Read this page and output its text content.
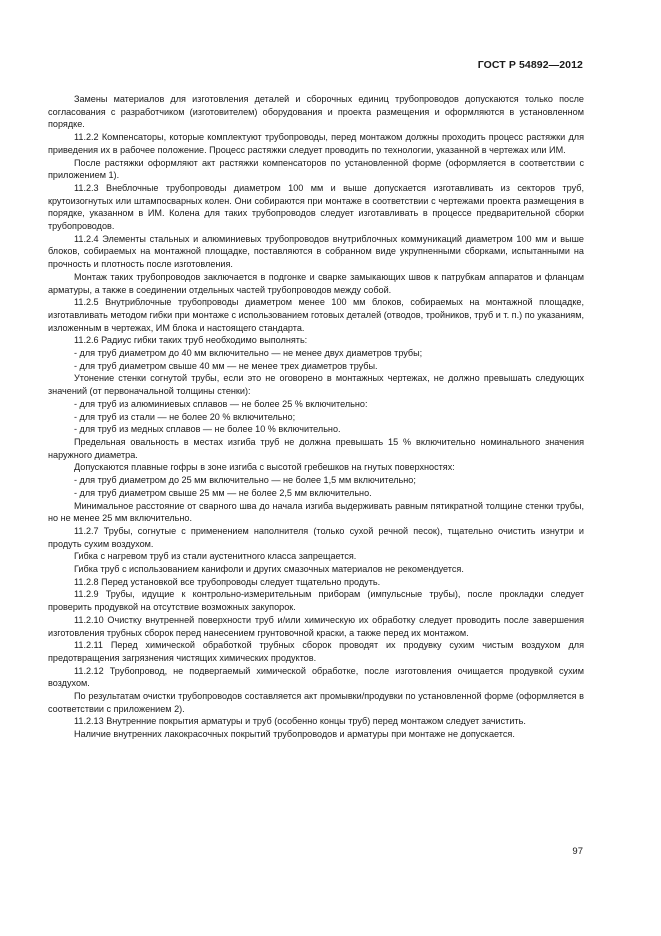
ГОСТ Р 54892—2012

Замены материалов для изготовления деталей и сборочных единиц трубопроводов допускаются только после согласования с разработчиком (изготовителем) оборудования и проекта размещения и оформляются в установленном порядке.

11.2.2 Компенсаторы, которые комплектуют трубопроводы, перед монтажом должны проходить процесс растяжки для приведения их в рабочее положение. Процесс растяжки следует проводить по технологии, указанной в чертежах или ИМ.

После растяжки оформляют акт растяжки компенсаторов по установленной форме (оформляется в соответствии с приложением 1).

11.2.3 Внеблочные трубопроводы диаметром 100 мм и выше допускается изготавливать из секторов труб, крутоизогнутых или штампосварных колен. Они собираются при монтаже в соответствии с чертежами проекта размещения в порядке, указанном в ИМ. Колена для таких трубопроводов следует изготавливать в процессе предварительной сборки трубопроводов.

11.2.4 Элементы стальных и алюминиевых трубопроводов внутриблочных коммуникаций диаметром 100 мм и выше блоков, собираемых на монтажной площадке, поставляются в собранном виде укрупненными сборками, испытанными на прочность и плотность после изготовления.

Монтаж таких трубопроводов заключается в подгонке и сварке замыкающих швов к патрубкам аппаратов и фланцам арматуры, а также в соединении отдельных частей трубопроводов между собой.

11.2.5 Внутриблочные трубопроводы диаметром менее 100 мм блоков, собираемых на монтажной площадке, изготавливать методом гибки при монтаже с использованием готовых деталей (отводов, тройников, труб и т. п.) по указаниям, изложенным в чертежах, ИМ блока и настоящего стандарта.

11.2.6 Радиус гибки таких труб необходимо выполнять:

- для труб диаметром до 40 мм включительно — не менее двух диаметров трубы;

- для труб диаметром свыше 40 мм — не менее трех диаметров трубы.

Утонение стенки согнутой трубы, если это не оговорено в монтажных чертежах, не должно превышать следующих значений (от первоначальной толщины стенки):

- для труб из алюминиевых сплавов — не более 25 % включительно:

- для труб из стали — не более 20 % включительно;

- для труб из медных сплавов — не более 10 % включительно.

Предельная овальность в местах изгиба труб не должна превышать 15 % включительно номинального значения наружного диаметра.

Допускаются плавные гофры в зоне изгиба с высотой гребешков на гнутых поверхностях:

- для труб диаметром до 25 мм включительно — не более 1,5 мм включительно;

- для труб диаметром свыше 25 мм — не более 2,5 мм включительно.

Минимальное расстояние от сварного шва до начала изгиба выдерживать равным пятикратной толщине стенки трубы, но не менее 25 мм включительно.

11.2.7 Трубы, согнутые с применением наполнителя (только сухой речной песок), тщательно очистить изнутри и продуть сухим воздухом.

Гибка с нагревом труб из стали аустенитного класса запрещается.

Гибка труб с использованием канифоли и других смазочных материалов не рекомендуется.

11.2.8 Перед установкой все трубопроводы следует тщательно продуть.

11.2.9 Трубы, идущие к контрольно-измерительным приборам (импульсные трубы), после прокладки следует проверить продувкой на отсутствие возможных закупорок.

11.2.10 Очистку внутренней поверхности труб и/или химическую их обработку следует проводить после завершения изготовления трубных сборок перед нанесением грунтовочной краски, а также перед их монтажом.

11.2.11 Перед химической обработкой трубных сборок проводят их продувку сухим чистым воздухом для предотвращения загрязнения чистящих химических продуктов.

11.2.12 Трубопровод, не подвергаемый химической обработке, после изготовления очищается продувкой сухим воздухом.

По результатам очистки трубопроводов составляется акт промывки/продувки по установленной форме (оформляется в соответствии с приложением 2).

11.2.13 Внутренние покрытия арматуры и труб (особенно концы труб) перед монтажом следует зачистить.

Наличие внутренних лакокрасочных покрытий трубопроводов и арматуры при монтаже не допускается.

97
